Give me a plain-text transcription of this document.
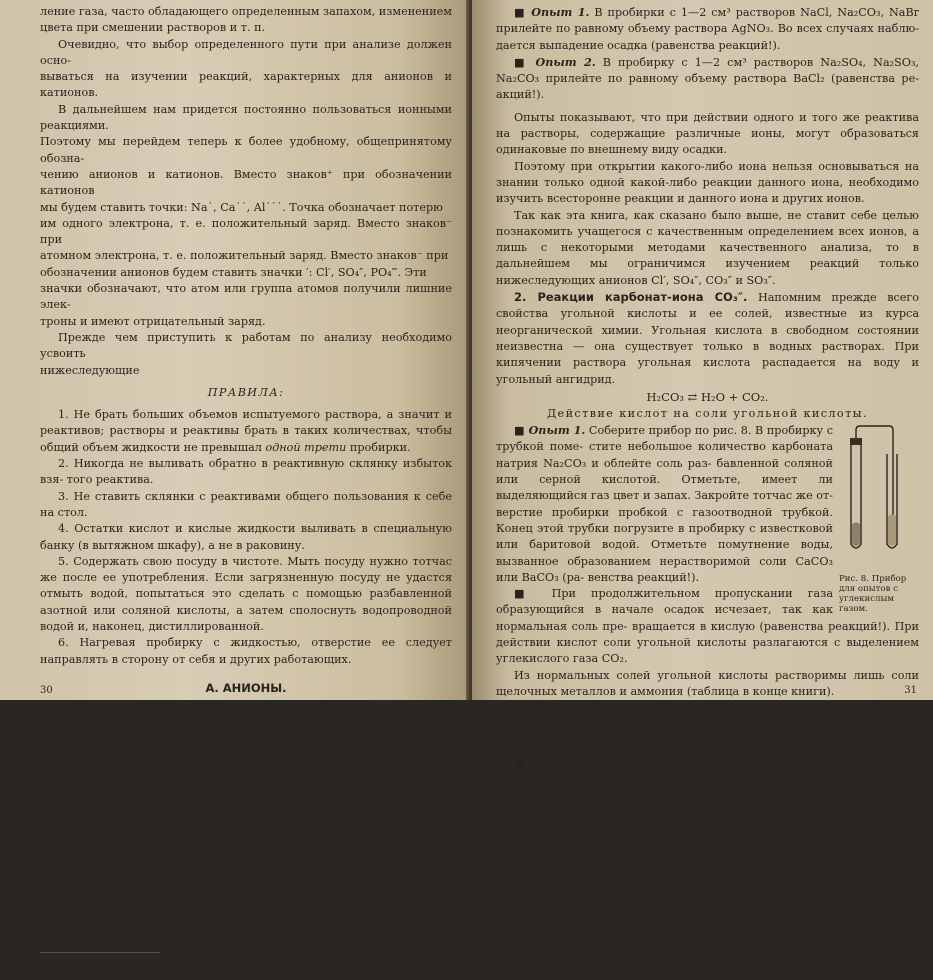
ление газа, часто обладающего определенным запахом, изменением

цвета при смешении растворов и т. п.

Очевидно, что выбор определенного пути при анализе должен осно-

вываться на изучении реакций, характерных для анионов и катионов.

В дальнейшем нам придется постоянно пользоваться ионными реакциями.

Поэтому мы перейдем теперь к более удобному, общепринятому обозна-

чению анионов и катионов. Вместо знаков⁺ при обозначении катионов

мы будем ставить точки: Na˙, Ca˙˙, Al˙˙˙. Точка обозначает потерю

им одного электрона, т. е. положительный заряд. Вместо знаков⁻ при

атомном электрона, т. е. положительный заряд. Вместо знаков⁻ при

обозначении анионов будем ставить значки ′: Cl′, SO₄″, PO₄‴. Эти

значки обозначают, что атом или группа атомов получили лишние элек-

троны и имеют отрицательный заряд.

Прежде чем приступить к работам по анализу необходимо усвоить

нижеследующие

ПРАВИЛА:

1. Не брать больших объемов испытуемого раствора, а значит и реактивов; растворы и реактивы брать в таких количествах, чтобы общий объем жидкости не превышал одной трети пробирки.

2. Никогда не выливать обратно в реактивную склянку избыток взя- того реактива.

3. Не ставить склянки с реактивами общего пользования к себе на стол.

4. Остатки кислот и кислые жидкости выливать в специальную банку (в вытяжном шкафу), а не в раковину.

5. Содержать свою посуду в чистоте. Мыть посуду нужно тотчас же после ее употребления. Если загрязненную посуду не удастся отмыть водой, попытаться это сделать с помощью разбавленной азотной или соляной кислоты, а затем сполоснуть водопроводной водой и, наконец, дистиллированной.

6. Нагревая пробирку с жидкостью, отверстие ее следует направлять в сторону от себя и других работающих.

А. АНИОНЫ.

1. Реакции анионов. Воспользовавшись приведенными выше при- мерами, решим вопрос, является ли выпадение осадка при действии на данный раствор азотносеребряной соли AgNO₃ и хлористого бария BaCl₂ достаточным признаком присутствия в растворе Cl′ или SO₄″?

Для того, чтобы ответить на этот вопрос, нужно знать, являются ли AgCl и BaSO₄ единственными нерастворимыми из всех солей серебра и бария — или же имеются и другие соли серебра и бария, также нераство- римые в воде.

Обратимся к таблице растворимости различных солей и оснований (стр. 79). Из таблицы видно, что из солей серебра кроме AgCl нераст- воримы также и AgBr, и AgJ, и Ag₂CO₃, и Ag₂SO₃ и ряд других солей. Сернобариевая соль BaSO₄ также не является единственной нерастворимой в воде солью бария — нерастворимы BaSO₃, и BaCO₃ и др. ¹

¹ Само собой разумеется, что под словом „нерастворимое" мы подразумеваем весьма мало растворимое вещество.

30

■ Опыт 1. В пробирки с 1—2 см³ растворов NaCl, Na₂CO₃, NaBr прилейте по равному объему раствора AgNO₃. Во всех случаях наблю- дается выпадение осадка (равенства реакций!).

■ Опыт 2. В пробирку с 1—2 см³ растворов Na₂SO₄, Na₂SO₃, Na₂CO₃ прилейте по равному объему раствора BaCl₂ (равенства ре- акций!).

Опыты показывают, что при действии одного и того же реактива на растворы, содержащие различные ионы, могут образоваться одинаковые по внешнему виду осадки.

Поэтому при открытии какого-либо иона нельзя основываться на знании только одной какой-либо реакции данного иона, необходимо изучить всесторонне реакции и данного иона и других ионов.

Так как эта книга, как сказано было выше, не ставит себе целью познакомить учащегося с качественным определением всех ионов, а лишь с некоторыми методами качественного анализа, то в дальнейшем мы ограничимся изучением реакций только нижеследующих анионов Cl′, SO₄″, CO₃″ и SO₃″.

2. Реакции карбонат-иона CO₃″. Напомним прежде всего свойства угольной кислоты и ее солей, известные из курса неорганической химии. Угольная кислота в свободном состоянии неизвестна — она существует только в водных растворах. При кипячении раствора угольная кислота распадается на воду и угольный ангидрид.

H₂CO₃ ⇄ H₂O + CO₂.

Действие кислот на соли угольной кислоты.

Рис. 8. Прибор для опытов с углекислым газом.

■ Опыт 1. Соберите прибор по рис. 8. В пробирку с трубкой поме- стите небольшое количество карбоната натрия Na₂CO₃ и облейте соль раз- бавленной соляной или серной кислотой. Отметьте, имеет ли выделяющийся газ цвет и запах. Закройте тотчас же от- верстие пробирки пробкой с газоотводной трубкой. Конец этой трубки погрузите в пробирку с известковой или баритовой водой. Отметьте помутнение воды, вызванное образованием нерастворимой соли CaCO₃ или BaCO₃ (ра- венства реакций!).

■ При продолжительном пропускании газа образующийся в начале осадок исчезает, так как нормальная соль пре- вращается в кислую (равенства реакций!). При действии кислот соли угольной кислоты разлагаются с выделением углекислого газа CO₂.

Из нормальных солей угольной кислоты растворимы лишь соли щелочных металлов и аммония (таблица в конце книги).

Особый интерес для аналитических целей предста- вляют карбонаты бария и серебра.

Реакции с хлористым барием.

■ Опыт 2. К 1—2 см³ раствора Na₂CO₃ прибавьте избыток раствора BaCl₂. Выпадает объемистый осадок. Прибавьте разбавленной азотной кислоты до прекращения

31
